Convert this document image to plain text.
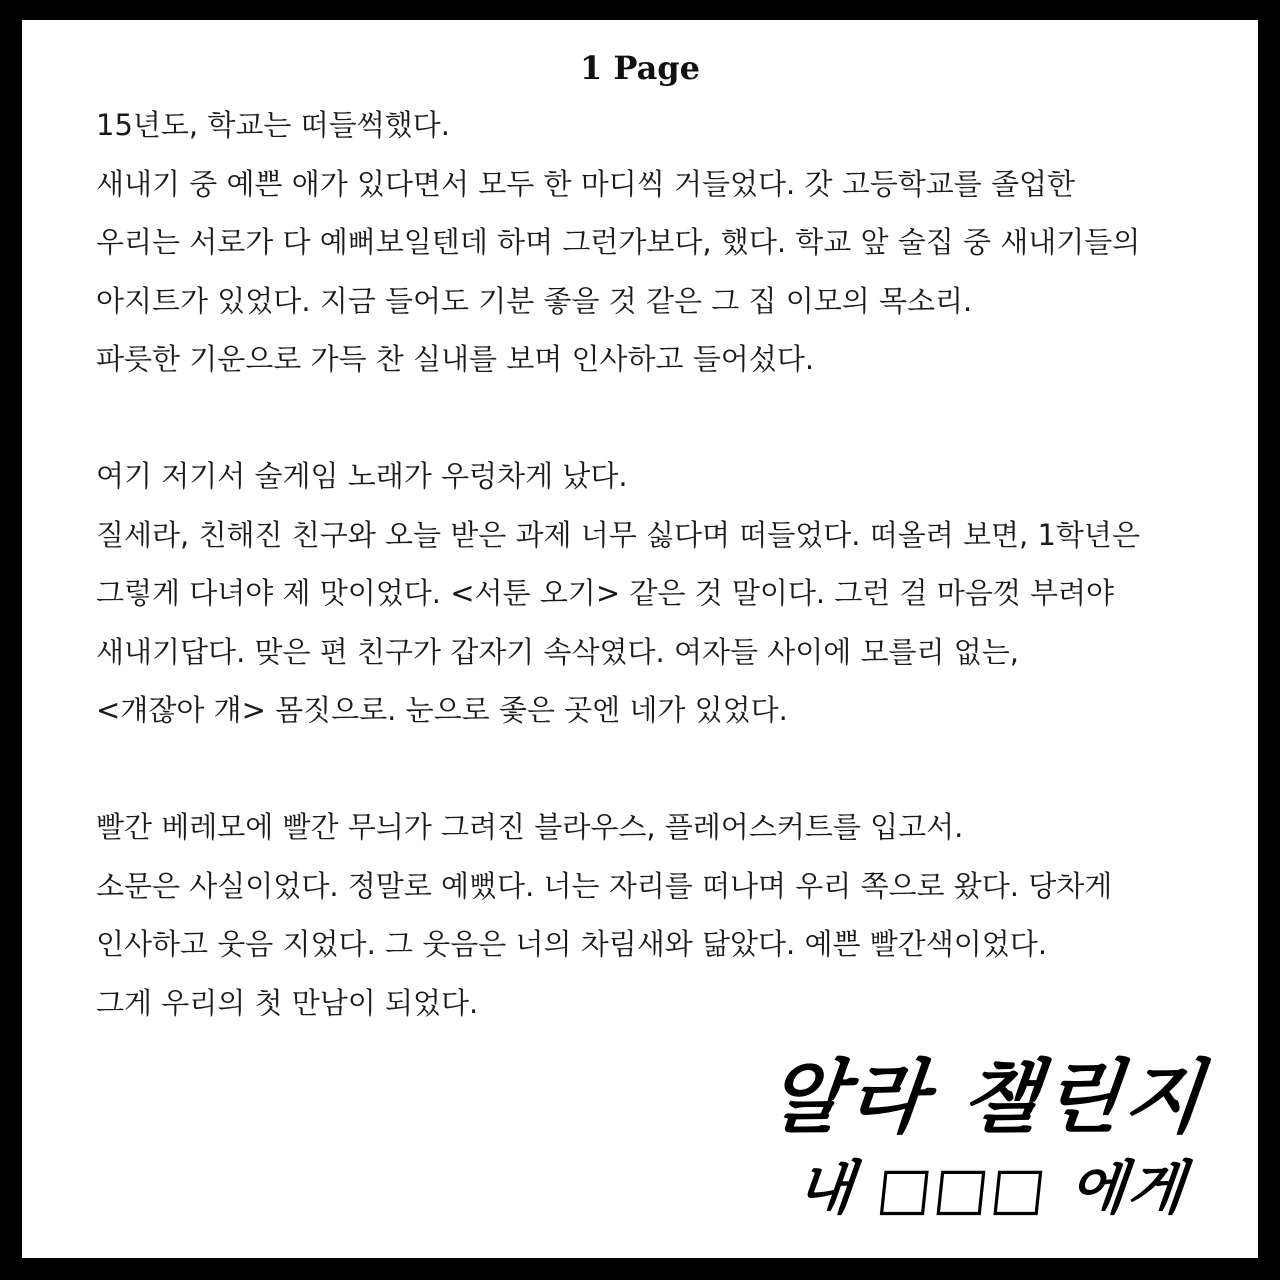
1 Page
15년도, 학교는 떠들썩했다.
새내기 중 예쁜 애가 있다면서 모두 한 마디씩 거들었다. 갓 고등학교를 졸업한
우리는 서로가 다 예뻐보일텐데 하며 그런가보다, 했다. 학교 앞 술집 중 새내기들의
아지트가 있었다. 지금 들어도 기분 좋을 것 같은 그 집 이모의 목소리.
파릇한 기운으로 가득 찬 실내를 보며 인사하고 들어섰다.
여기 저기서 술게임 노래가 우렁차게 났다.
질세라, 친해진 친구와 오늘 받은 과제 너무 싫다며 떠들었다. 떠올려 보면, 1학년은
그렇게 다녀야 제 맛이었다. <서툰 오기> 같은 것 말이다. 그런 걸 마음껏 부려야
새내기답다. 맞은 편 친구가 갑자기 속삭였다. 여자들 사이에 모를리 없는,
<걔잖아 걔> 몸짓으로. 눈으로 좇은 곳엔 네가 있었다.
빨간 베레모에 빨간 무늬가 그려진 블라우스, 플레어스커트를 입고서.
소문은 사실이었다. 정말로 예뻤다. 너는 자리를 떠나며 우리 쪽으로 왔다. 당차게
인사하고 웃음 지었다. 그 웃음은 너의 차림새와 닮았다. 예쁜 빨간색이었다.
그게 우리의 첫 만남이 되었다.
알라 챌린지
내 □□□ 에게
